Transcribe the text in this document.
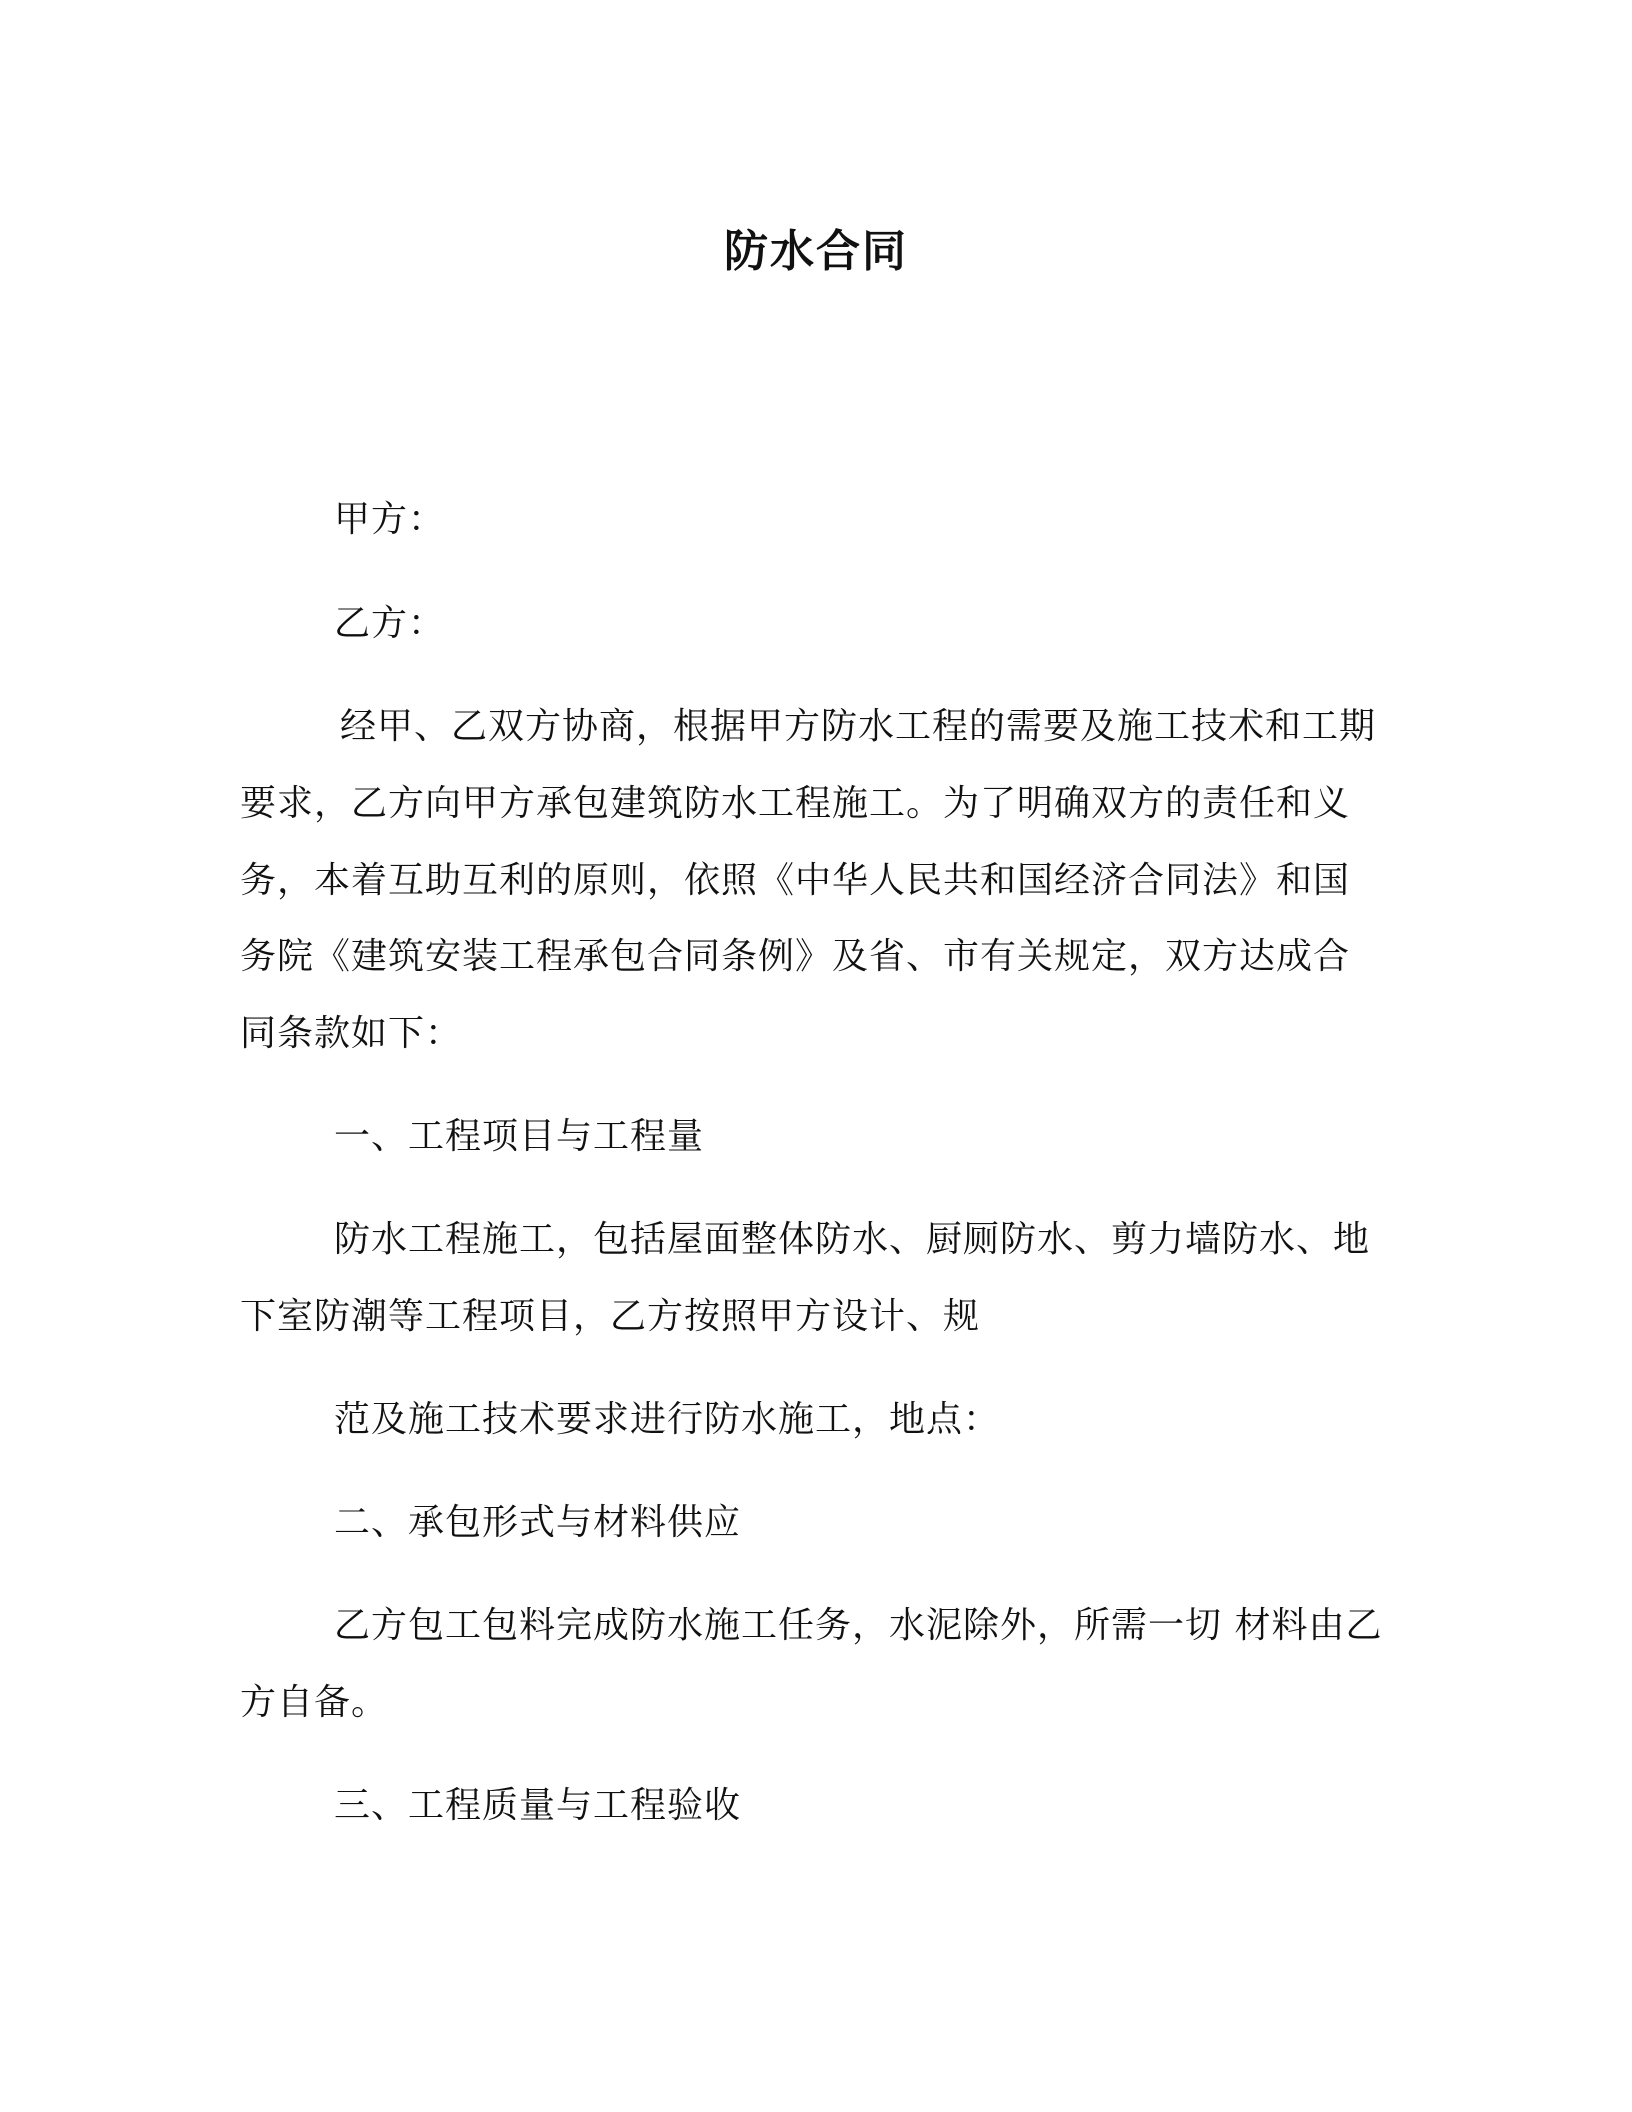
防水合同
甲方：
乙方：
经甲、乙双方协商，根据甲方防水工程的需要及施工技术和工期
要求，乙方向甲方承包建筑防水工程施工。为了明确双方的责任和义
务，本着互助互利的原则，依照《中华人民共和国经济合同法》和国
务院《建筑安装工程承包合同条例》及省、市有关规定，双方达成合
同条款如下：
一、工程项目与工程量
防水工程施工，包括屋面整体防水、厨厕防水、剪力墙防水、地
下室防潮等工程项目，乙方按照甲方设计、规
范及施工技术要求进行防水施工，地点：
二、承包形式与材料供应
乙方包工包料完成防水施工任务，水泥除外，所需一切 材料由乙
方自备。
三、工程质量与工程验收
